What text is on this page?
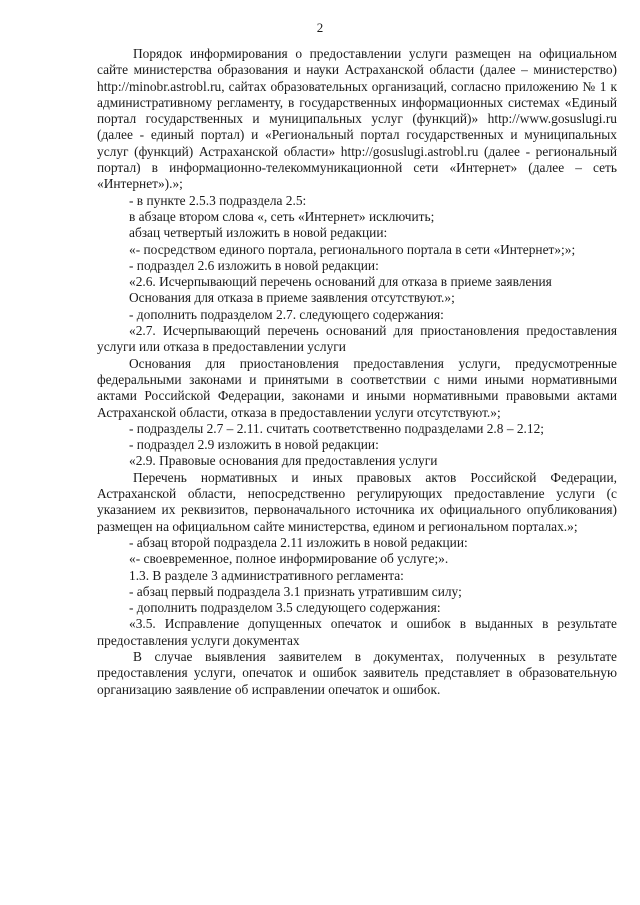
2

Порядок информирования о предоставлении услуги размещен на официальном сайте министерства образования и науки Астраханской области (далее – министерство) http://minobr.astrobl.ru, сайтах образовательных организаций, согласно приложению № 1 к административному регламенту, в государственных информационных системах «Единый портал государственных и муниципальных услуг (функций)» http://www.gosuslugi.ru (далее - единый портал) и «Региональный портал государственных и муниципальных услуг (функций) Астраханской области» http://gosuslugi.astrobl.ru (далее - региональный портал) в информационно-телекоммуникационной сети «Интернет» (далее – сеть «Интернет»).»;

- в пункте 2.5.3 подраздела 2.5:

в абзаце втором слова «, сеть «Интернет» исключить;

абзац четвертый изложить в новой редакции:

«- посредством единого портала, регионального портала в сети «Интернет»;»;

- подраздел 2.6 изложить в новой редакции:

«2.6. Исчерпывающий перечень оснований для отказа в приеме заявления

Основания для отказа в приеме заявления отсутствуют.»;

- дополнить подразделом 2.7. следующего содержания:

«2.7. Исчерпывающий перечень оснований для приостановления предоставления услуги или отказа в предоставлении услуги

Основания для приостановления предоставления услуги, предусмотренные федеральными законами и принятыми в соответствии с ними иными нормативными актами Российской Федерации, законами и иными нормативными правовыми актами Астраханской области, отказа в предоставлении услуги отсутствуют.»;

- подразделы 2.7 – 2.11. считать соответственно подразделами 2.8 – 2.12;

- подраздел 2.9 изложить в новой редакции:

«2.9. Правовые основания для предоставления услуги

Перечень нормативных и иных правовых актов Российской Федерации, Астраханской области, непосредственно регулирующих предоставление услуги (с указанием их реквизитов, первоначального источника их официального опубликования) размещен на официальном сайте министерства, едином и региональном порталах.»;

- абзац второй подраздела 2.11 изложить в новой редакции:

«- своевременное, полное информирование об услуге;».

1.3. В разделе 3 административного регламента:

- абзац первый подраздела 3.1 признать утратившим силу;

- дополнить подразделом 3.5 следующего содержания:

«3.5. Исправление допущенных опечаток и ошибок в выданных в результате предоставления услуги документах

В случае выявления заявителем в документах, полученных в результате предоставления услуги, опечаток и ошибок заявитель представляет в образовательную организацию заявление об исправлении опечаток и ошибок.
